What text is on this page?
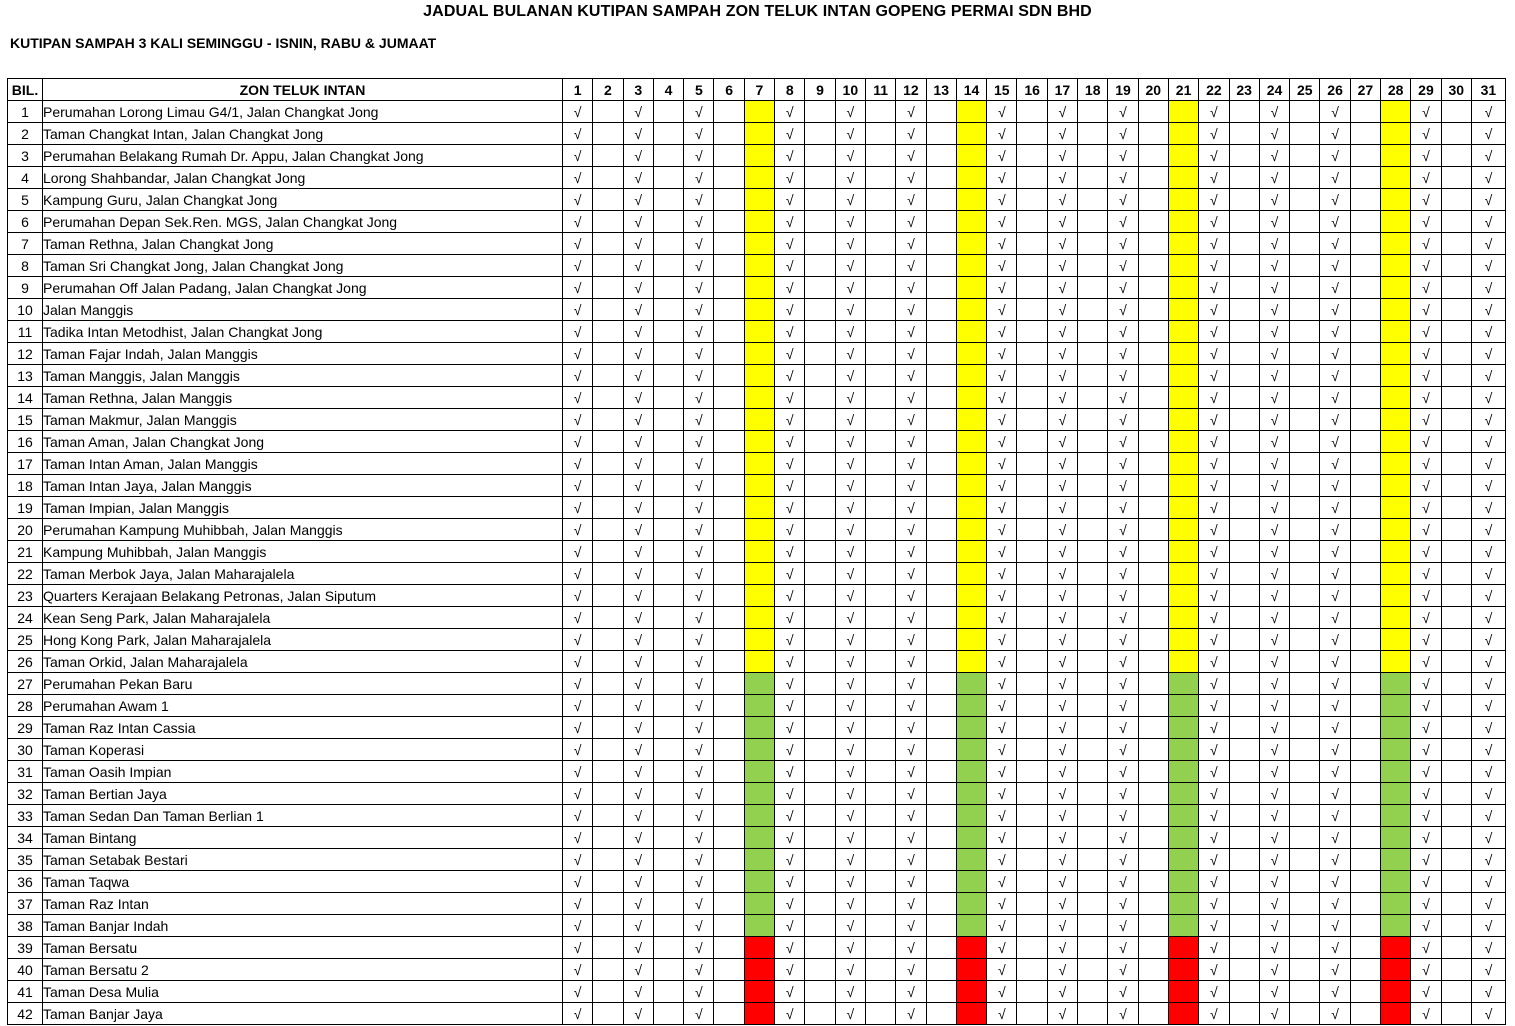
JADUAL BULANAN KUTIPAN SAMPAH ZON TELUK INTAN GOPENG PERMAI SDN BHD
KUTIPAN SAMPAH 3 KALI SEMINGGU - ISNIN, RABU & JUMAAT
BIL.	ZON TELUK INTAN	1	2	3	4	5	6	7	8	9	10	11	12	13	14	15	16	17	18	19	20	21	22	23	24	25	26	27	28	29	30	31
1	Perumahan Lorong Limau G4/1, Jalan Changkat Jong	√		√		√			√		√		√			√		√		√			√		√		√			√		√
2	Taman Changkat Intan, Jalan Changkat Jong	√		√		√			√		√		√			√		√		√			√		√		√			√		√
3	Perumahan Belakang Rumah Dr. Appu, Jalan Changkat Jong	√		√		√			√		√		√			√		√		√			√		√		√			√		√
4	Lorong Shahbandar, Jalan Changkat Jong	√		√		√			√		√		√			√		√		√			√		√		√			√		√
5	Kampung Guru, Jalan Changkat Jong	√		√		√			√		√		√			√		√		√			√		√		√			√		√
6	Perumahan Depan Sek.Ren. MGS, Jalan Changkat Jong	√		√		√			√		√		√			√		√		√			√		√		√			√		√
7	Taman Rethna, Jalan Changkat Jong	√		√		√			√		√		√			√		√		√			√		√		√			√		√
8	Taman Sri Changkat Jong, Jalan Changkat Jong	√		√		√			√		√		√			√		√		√			√		√		√			√		√
9	Perumahan Off Jalan Padang, Jalan Changkat Jong	√		√		√			√		√		√			√		√		√			√		√		√			√		√
10	Jalan Manggis	√		√		√			√		√		√			√		√		√			√		√		√			√		√
11	Tadika Intan Metodhist, Jalan Changkat Jong	√		√		√			√		√		√			√		√		√			√		√		√			√		√
12	Taman Fajar Indah, Jalan Manggis	√		√		√			√		√		√			√		√		√			√		√		√			√		√
13	Taman Manggis, Jalan Manggis	√		√		√			√		√		√			√		√		√			√		√		√			√		√
14	Taman Rethna, Jalan Manggis	√		√		√			√		√		√			√		√		√			√		√		√			√		√
15	Taman Makmur, Jalan Manggis	√		√		√			√		√		√			√		√		√			√		√		√			√		√
16	Taman Aman, Jalan Changkat Jong	√		√		√			√		√		√			√		√		√			√		√		√			√		√
17	Taman Intan Aman, Jalan Manggis	√		√		√			√		√		√			√		√		√			√		√		√			√		√
18	Taman Intan Jaya, Jalan Manggis	√		√		√			√		√		√			√		√		√			√		√		√			√		√
19	Taman Impian, Jalan Manggis	√		√		√			√		√		√			√		√		√			√		√		√			√		√
20	Perumahan Kampung Muhibbah, Jalan Manggis	√		√		√			√		√		√			√		√		√			√		√		√			√		√
21	Kampung Muhibbah, Jalan Manggis	√		√		√			√		√		√			√		√		√			√		√		√			√		√
22	Taman Merbok Jaya, Jalan Maharajalela	√		√		√			√		√		√			√		√		√			√		√		√			√		√
23	Quarters Kerajaan Belakang Petronas, Jalan Siputum	√		√		√			√		√		√			√		√		√			√		√		√			√		√
24	Kean Seng Park, Jalan Maharajalela	√		√		√			√		√		√			√		√		√			√		√		√			√		√
25	Hong Kong Park, Jalan Maharajalela	√		√		√			√		√		√			√		√		√			√		√		√			√		√
26	Taman Orkid, Jalan Maharajalela	√		√		√			√		√		√			√		√		√			√		√		√			√		√
27	Perumahan Pekan Baru	√		√		√			√		√		√			√		√		√			√		√		√			√		√
28	Perumahan Awam 1	√		√		√			√		√		√			√		√		√			√		√		√			√		√
29	Taman Raz Intan Cassia	√		√		√			√		√		√			√		√		√			√		√		√			√		√
30	Taman Koperasi	√		√		√			√		√		√			√		√		√			√		√		√			√		√
31	Taman Oasih Impian	√		√		√			√		√		√			√		√		√			√		√		√			√		√
32	Taman Bertian Jaya	√		√		√			√		√		√			√		√		√			√		√		√			√		√
33	Taman Sedan Dan Taman Berlian 1	√		√		√			√		√		√			√		√		√			√		√		√			√		√
34	Taman Bintang	√		√		√			√		√		√			√		√		√			√		√		√			√		√
35	Taman Setabak Bestari	√		√		√			√		√		√			√		√		√			√		√		√			√		√
36	Taman Taqwa	√		√		√			√		√		√			√		√		√			√		√		√			√		√
37	Taman Raz Intan	√		√		√			√		√		√			√		√		√			√		√		√			√		√
38	Taman Banjar Indah	√		√		√			√		√		√			√		√		√			√		√		√			√		√
39	Taman Bersatu	√		√		√			√		√		√			√		√		√			√		√		√			√		√
40	Taman Bersatu 2	√		√		√			√		√		√			√		√		√			√		√		√			√		√
41	Taman Desa Mulia	√		√		√			√		√		√			√		√		√			√		√		√			√		√
42	Taman Banjar Jaya	√		√		√			√		√		√			√		√		√			√		√		√			√		√
